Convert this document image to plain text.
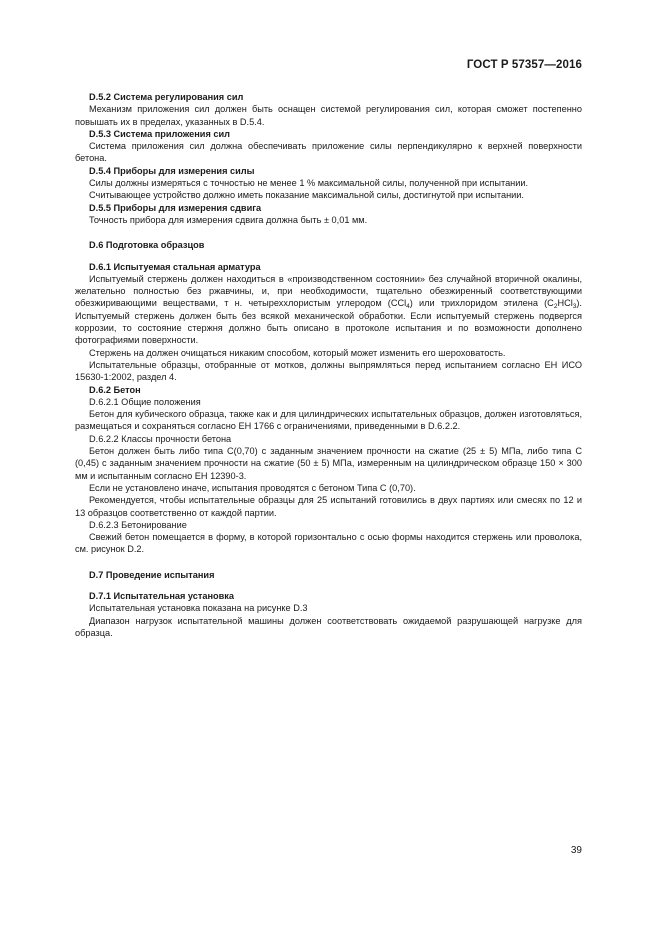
ГОСТ Р 57357—2016

D.5.2 Система регулирования сил

Механизм приложения сил должен быть оснащен системой регулирования сил, которая сможет постепенно повышать их в пределах, указанных в D.5.4.

D.5.3 Система приложения сил

Система приложения сил должна обеспечивать приложение силы перпендикулярно к верхней поверхности бетона.

D.5.4 Приборы для измерения силы

Силы должны измеряться с точностью не менее 1 % максимальной силы, полученной при испытании.

Считывающее устройство должно иметь показание максимальной силы, достигнутой при испытании.

D.5.5 Приборы для измерения сдвига

Точность прибора для измерения сдвига должна быть ± 0,01 мм.

D.6 Подготовка образцов

D.6.1 Испытуемая стальная арматура

Испытуемый стержень должен находиться в «производственном состоянии» без случайной вторичной окалины, желательно полностью без ржавчины, и, при необходимости, тщательно обезжиренный соответствующими обезжиривающими веществами, т н. четыреххлористым углеродом (CCl$_4$) или трихлоридом этилена $(C_2HCl_3)$. Испытуемый стержень должен быть без всякой механической обработки. Если испытуемый стержень подвергся коррозии, то состояние стержня должно быть описано в протоколе испытания и по возможности дополнено фотографиями поверхности.

Стержень на должен очищаться никаким способом, который может изменить его шероховатость.

Испытательные образцы, отобранные от мотков, должны выпрямляться перед испытанием согласно ЕН ИСО 15630-1:2002, раздел 4.

D.6.2 Бетон

D.6.2.1 Общие положения

Бетон для кубического образца, также как и для цилиндрических испытательных образцов, должен изготовляться, размещаться и сохраняться согласно ЕН 1766 с ограничениями, приведенными в D.6.2.2.

D.6.2.2 Классы прочности бетона

Бетон должен быть либо типа С(0,70) с заданным значением прочности на сжатие (25 ± 5) МПа, либо типа С (0,45) с заданным значением прочности на сжатие (50 ± 5) МПа, измеренным на цилиндрическом образце 150 × 300 мм и испытанным согласно ЕН 12390-3.

Если не установлено иначе, испытания проводятся с бетоном Типа С (0,70).

Рекомендуется, чтобы испытательные образцы для 25 испытаний готовились в двух партиях или смесях по 12 и 13 образцов соответственно от каждой партии.

D.6.2.3 Бетонирование

Свежий бетон помещается в форму, в которой горизонтально с осью формы находится стержень или проволока, см. рисунок D.2.

D.7 Проведение испытания

D.7.1 Испытательная установка

Испытательная установка показана на рисунке D.3

Диапазон нагрузок испытательной машины должен соответствовать ожидаемой разрушающей нагрузке для образца.

39
